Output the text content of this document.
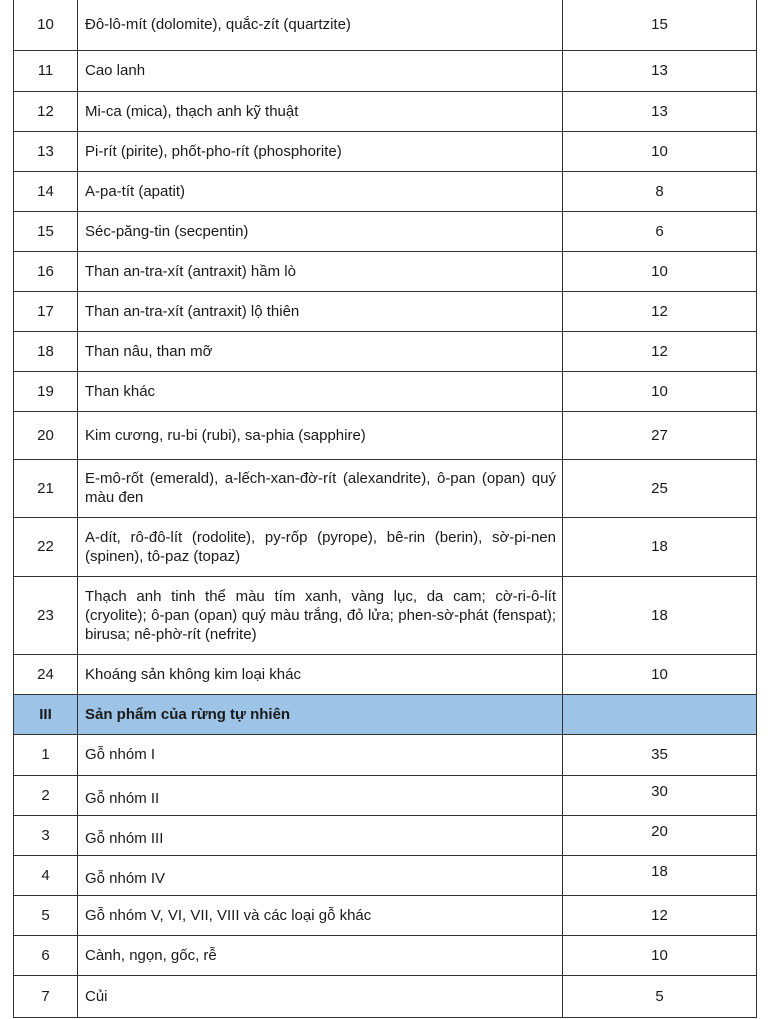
10	Đô-lô-mít (dolomite), quắc-zít (quartzite)	15
11	Cao lanh	13
12	Mi-ca (mica), thạch anh kỹ thuật	13
13	Pi-rít (pirite), phốt-pho-rít (phosphorite)	10
14	A-pa-tít (apatit)	8
15	Séc-păng-tin (secpentin)	6
16	Than an-tra-xít (antraxit) hầm lò	10
17	Than an-tra-xít (antraxit) lộ thiên	12
18	Than nâu, than mỡ	12
19	Than khác	10
20	Kim cương, ru-bi (rubi), sa-phia (sapphire)	27
21	E-mô-rốt (emerald), a-lếch-xan-đờ-rít (alexandrite), ô-pan (opan) quý màu đen	25
22	A-dít, rô-đô-lít (rodolite), py-rốp (pyrope), bê-rin (berin), sờ-pi-nen (spinen), tô-paz (topaz)	18
23	Thạch anh tinh thể màu tím xanh, vàng lục, da cam; cờ-ri-ô-lít (cryolite); ô-pan (opan) quý màu trắng, đỏ lửa; phen-sờ-phát (fenspat); birusa; nê-phờ-rít (nefrite)	18
24	Khoáng sản không kim loại khác	10
III	Sản phẩm của rừng tự nhiên	
1	Gỗ nhóm I	35
2	Gỗ nhóm II	30
3	Gỗ nhóm III	20
4	Gỗ nhóm IV	18
5	Gỗ nhóm V, VI, VII, VIII và các loại gỗ khác	12
6	Cành, ngọn, gốc, rễ	10
7	Củi	5
